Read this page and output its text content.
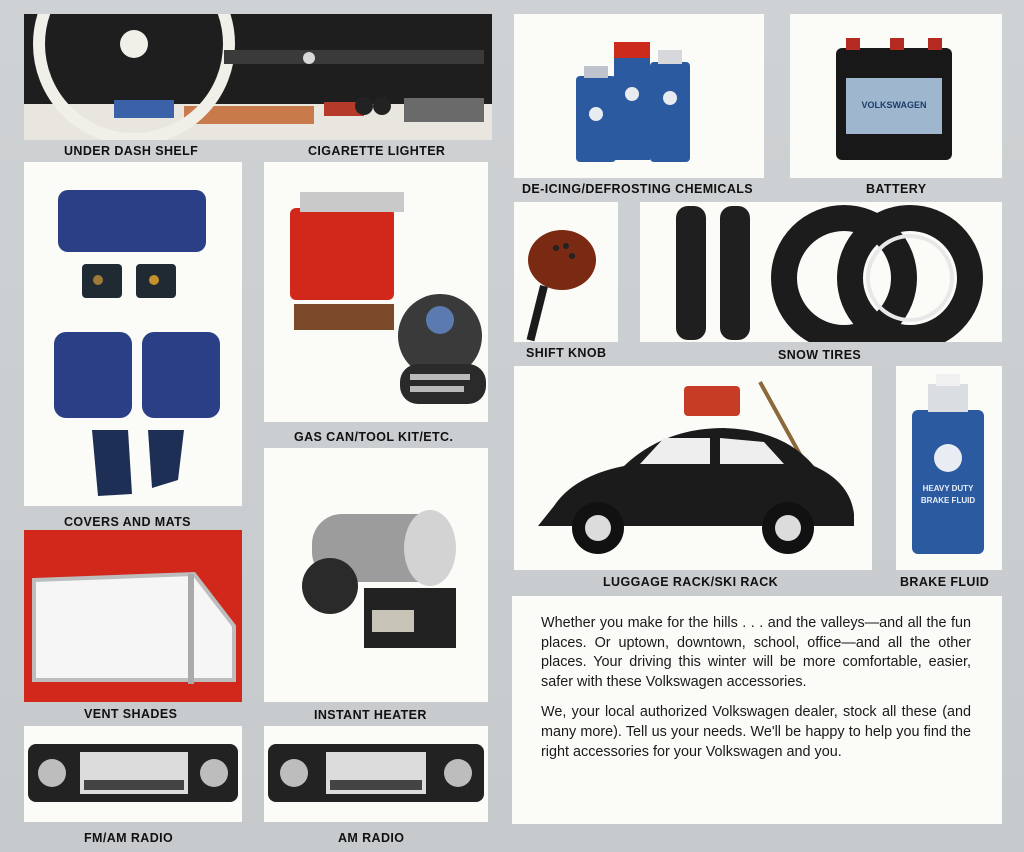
UNDER DASH SHELF	CIGARETTE LIGHTER
DE-ICING/DEFROSTING CHEMICALS
VOLKSWAGEN
BATTERY
COVERS AND MATS
GAS CAN/TOOL KIT/ETC.
SHIFT KNOB	SNOW TIRES
VENT SHADES	INSTANT HEATER
LUGGAGE RACK/SKI RACK
HEAVY DUTY
BRAKE FLUID
BRAKE FLUID

Whether you make for the hills . . . and the valleys—and all the fun places. Or uptown, downtown, school, office—and all the other places. Your driving this winter will be more comfortable, easier, safer with these Volkswagen accessories.

We, your local authorized Volkswagen dealer, stock all these (and many more). Tell us your needs. We'll be happy to help you find the right accessories for your Volkswagen and you.

FM/AM RADIO	AM RADIO
